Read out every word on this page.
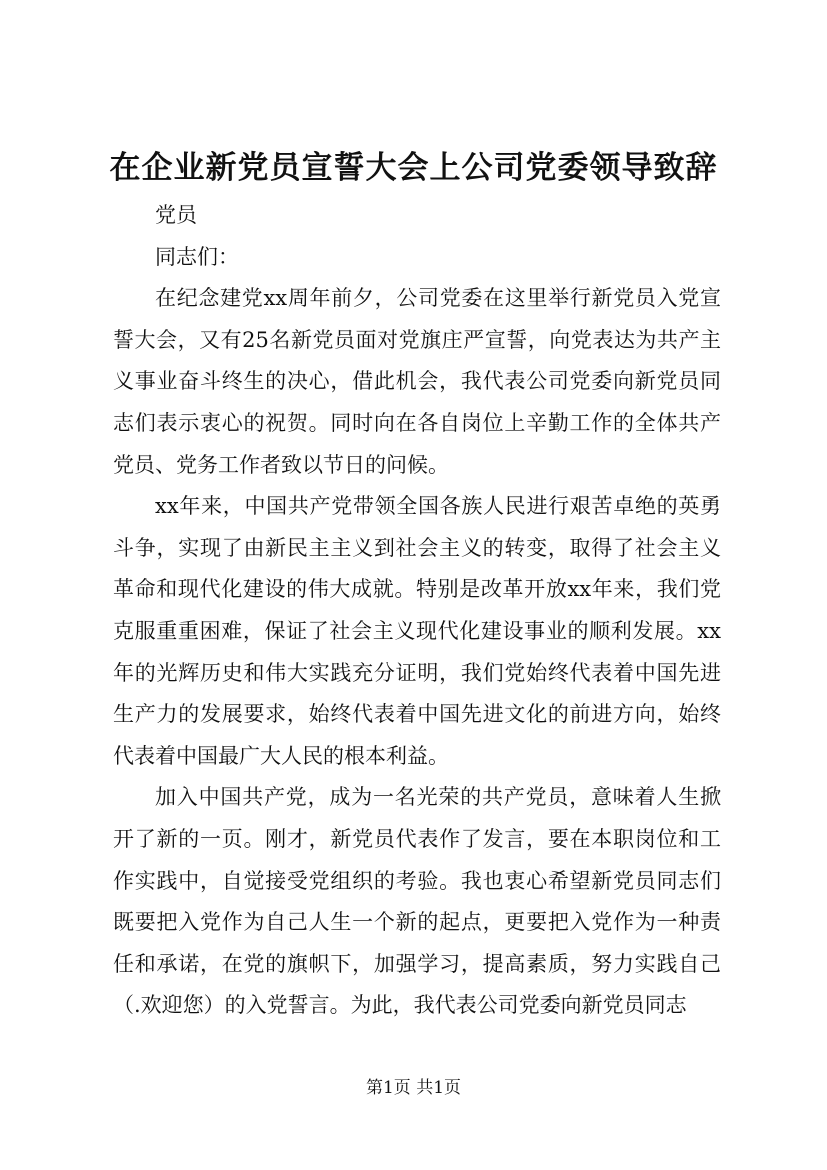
在企业新党员宣誓大会上公司党委领导致辞

党员

同志们：

在纪念建党xx周年前夕，公司党委在这里举行新党员入党宣誓大会，又有25名新党员面对党旗庄严宣誓，向党表达为共产主义事业奋斗终生的决心，借此机会，我代表公司党委向新党员同志们表示衷心的祝贺。同时向在各自岗位上辛勤工作的全体共产党员、党务工作者致以节日的问候。

xx年来，中国共产党带领全国各族人民进行艰苦卓绝的英勇斗争，实现了由新民主主义到社会主义的转变，取得了社会主义革命和现代化建设的伟大成就。特别是改革开放xx年来，我们党克服重重困难，保证了社会主义现代化建设事业的顺利发展。xx年的光辉历史和伟大实践充分证明，我们党始终代表着中国先进生产力的发展要求，始终代表着中国先进文化的前进方向，始终代表着中国最广大人民的根本利益。

加入中国共产党，成为一名光荣的共产党员，意味着人生掀开了新的一页。刚才，新党员代表作了发言，要在本职岗位和工作实践中，自觉接受党组织的考验。我也衷心希望新党员同志们既要把入党作为自己人生一个新的起点，更要把入党作为一种责任和承诺，在党的旗帜下，加强学习，提高素质，努力实践自己（.欢迎您）的入党誓言。为此，我代表公司党委向新党员同志

第1页 共1页
